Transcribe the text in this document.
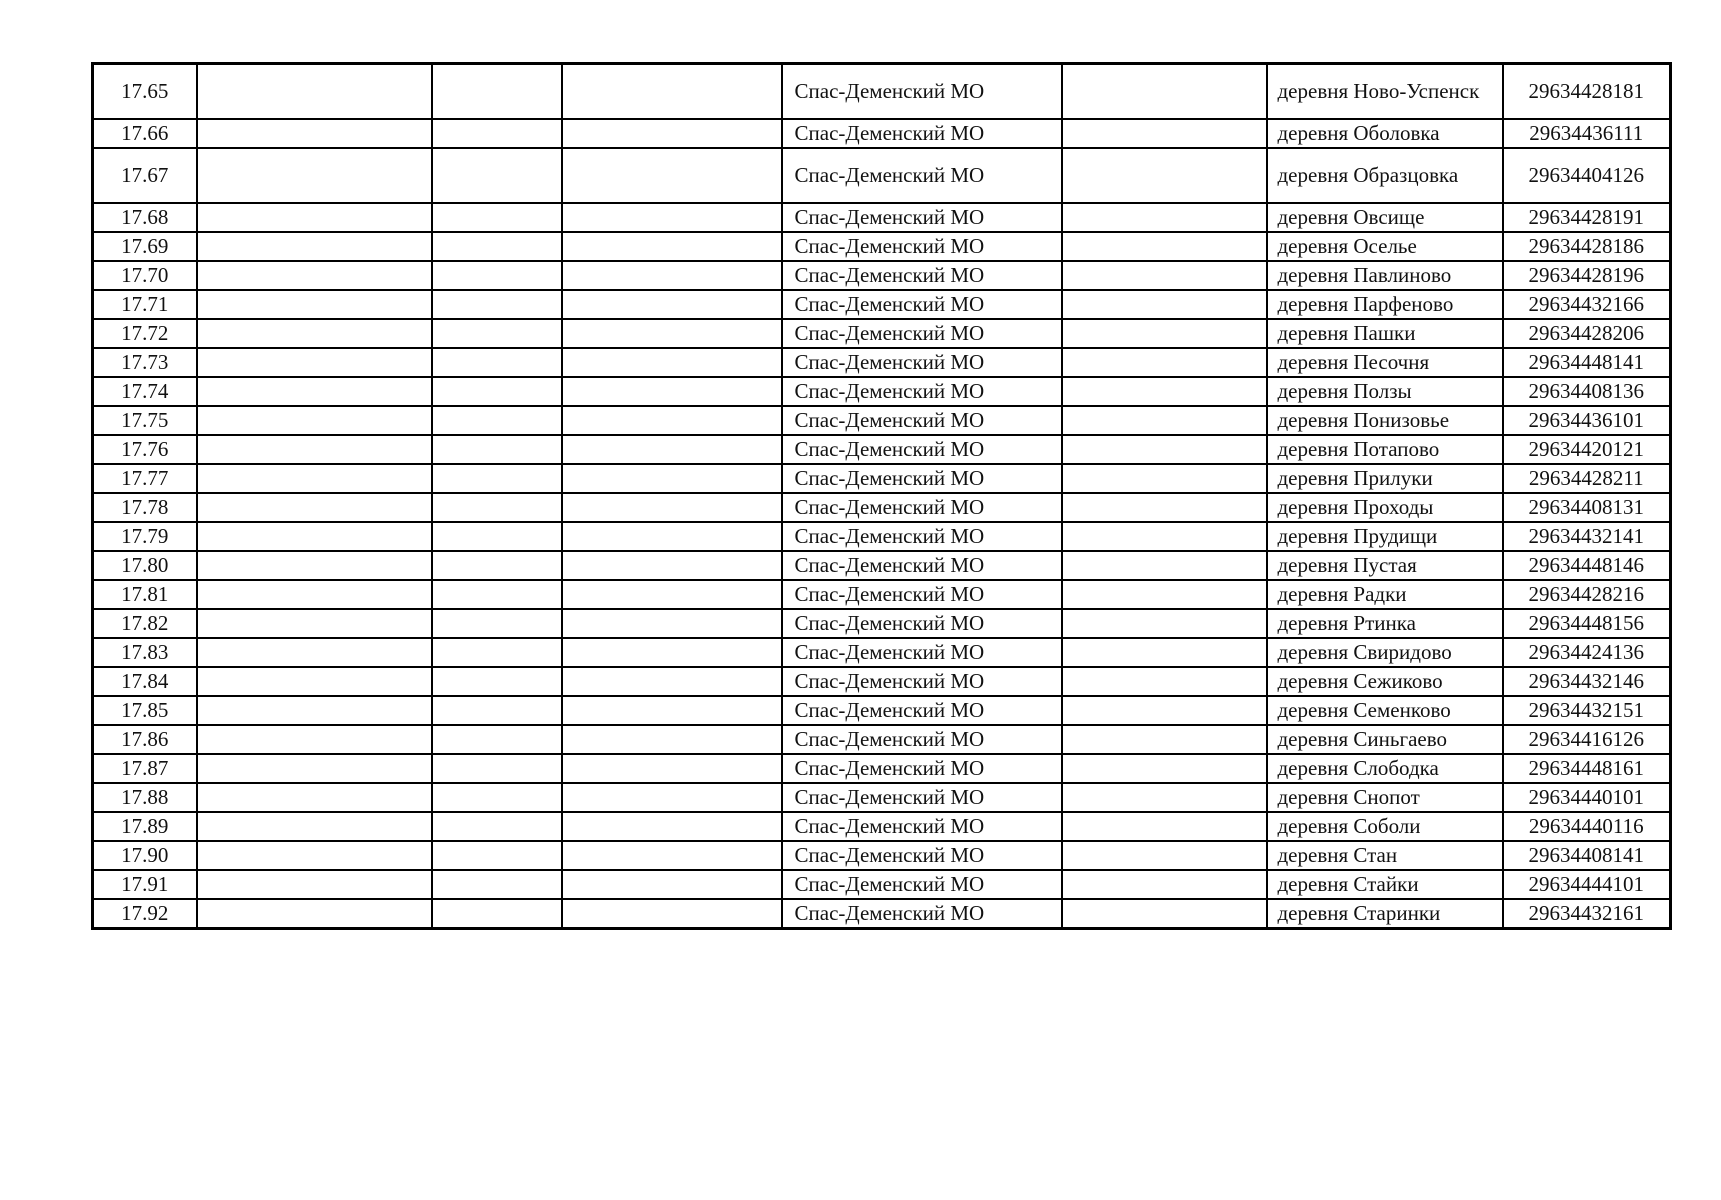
17.65				Спас-Деменский МО		деревня Ново-Успенск	29634428181
17.66				Спас-Деменский МО		деревня Оболовка	29634436111
17.67				Спас-Деменский МО		деревня Образцовка	29634404126
17.68				Спас-Деменский МО		деревня Овсище	29634428191
17.69				Спас-Деменский МО		деревня Оселье	29634428186
17.70				Спас-Деменский МО		деревня Павлиново	29634428196
17.71				Спас-Деменский МО		деревня Парфеново	29634432166
17.72				Спас-Деменский МО		деревня Пашки	29634428206
17.73				Спас-Деменский МО		деревня Песочня	29634448141
17.74				Спас-Деменский МО		деревня Ползы	29634408136
17.75				Спас-Деменский МО		деревня Понизовье	29634436101
17.76				Спас-Деменский МО		деревня Потапово	29634420121
17.77				Спас-Деменский МО		деревня Прилуки	29634428211
17.78				Спас-Деменский МО		деревня Проходы	29634408131
17.79				Спас-Деменский МО		деревня Прудищи	29634432141
17.80				Спас-Деменский МО		деревня Пустая	29634448146
17.81				Спас-Деменский МО		деревня Радки	29634428216
17.82				Спас-Деменский МО		деревня Ртинка	29634448156
17.83				Спас-Деменский МО		деревня Свиридово	29634424136
17.84				Спас-Деменский МО		деревня Сежиково	29634432146
17.85				Спас-Деменский МО		деревня Семенково	29634432151
17.86				Спас-Деменский МО		деревня Синьгаево	29634416126
17.87				Спас-Деменский МО		деревня Слободка	29634448161
17.88				Спас-Деменский МО		деревня Снопот	29634440101
17.89				Спас-Деменский МО		деревня Соболи	29634440116
17.90				Спас-Деменский МО		деревня Стан	29634408141
17.91				Спас-Деменский МО		деревня Стайки	29634444101
17.92				Спас-Деменский МО		деревня Старинки	29634432161
